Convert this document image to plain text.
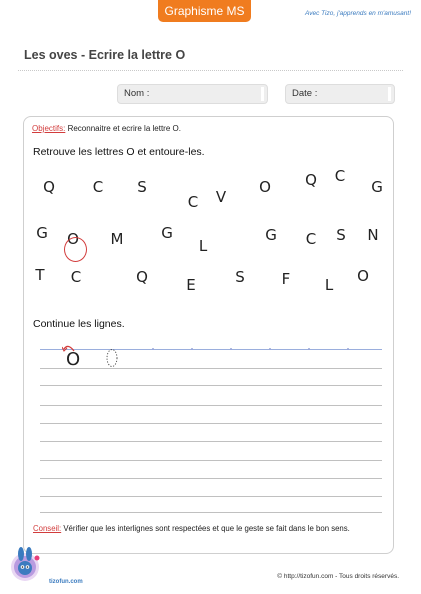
Graphisme MS	Avec Tizo, j'apprends en m'amusant!
Les oves - Ecrire la lettre O
Nom :	Date :
Objectifs: Reconnaitre et ecrire la lettre O.
Retrouve les lettres O et entoure-les.
Q	C S
C V
O Q C
G
G O M	G
L
G C S N
T C	Q	E	S F L O
Continue les lignes.
O
Conseil: Vérifier que les interlignes sont respectées et que le geste se fait dans le bon sens.
tizofun.com
© http://tizofun.com - Tous droits réservés.
